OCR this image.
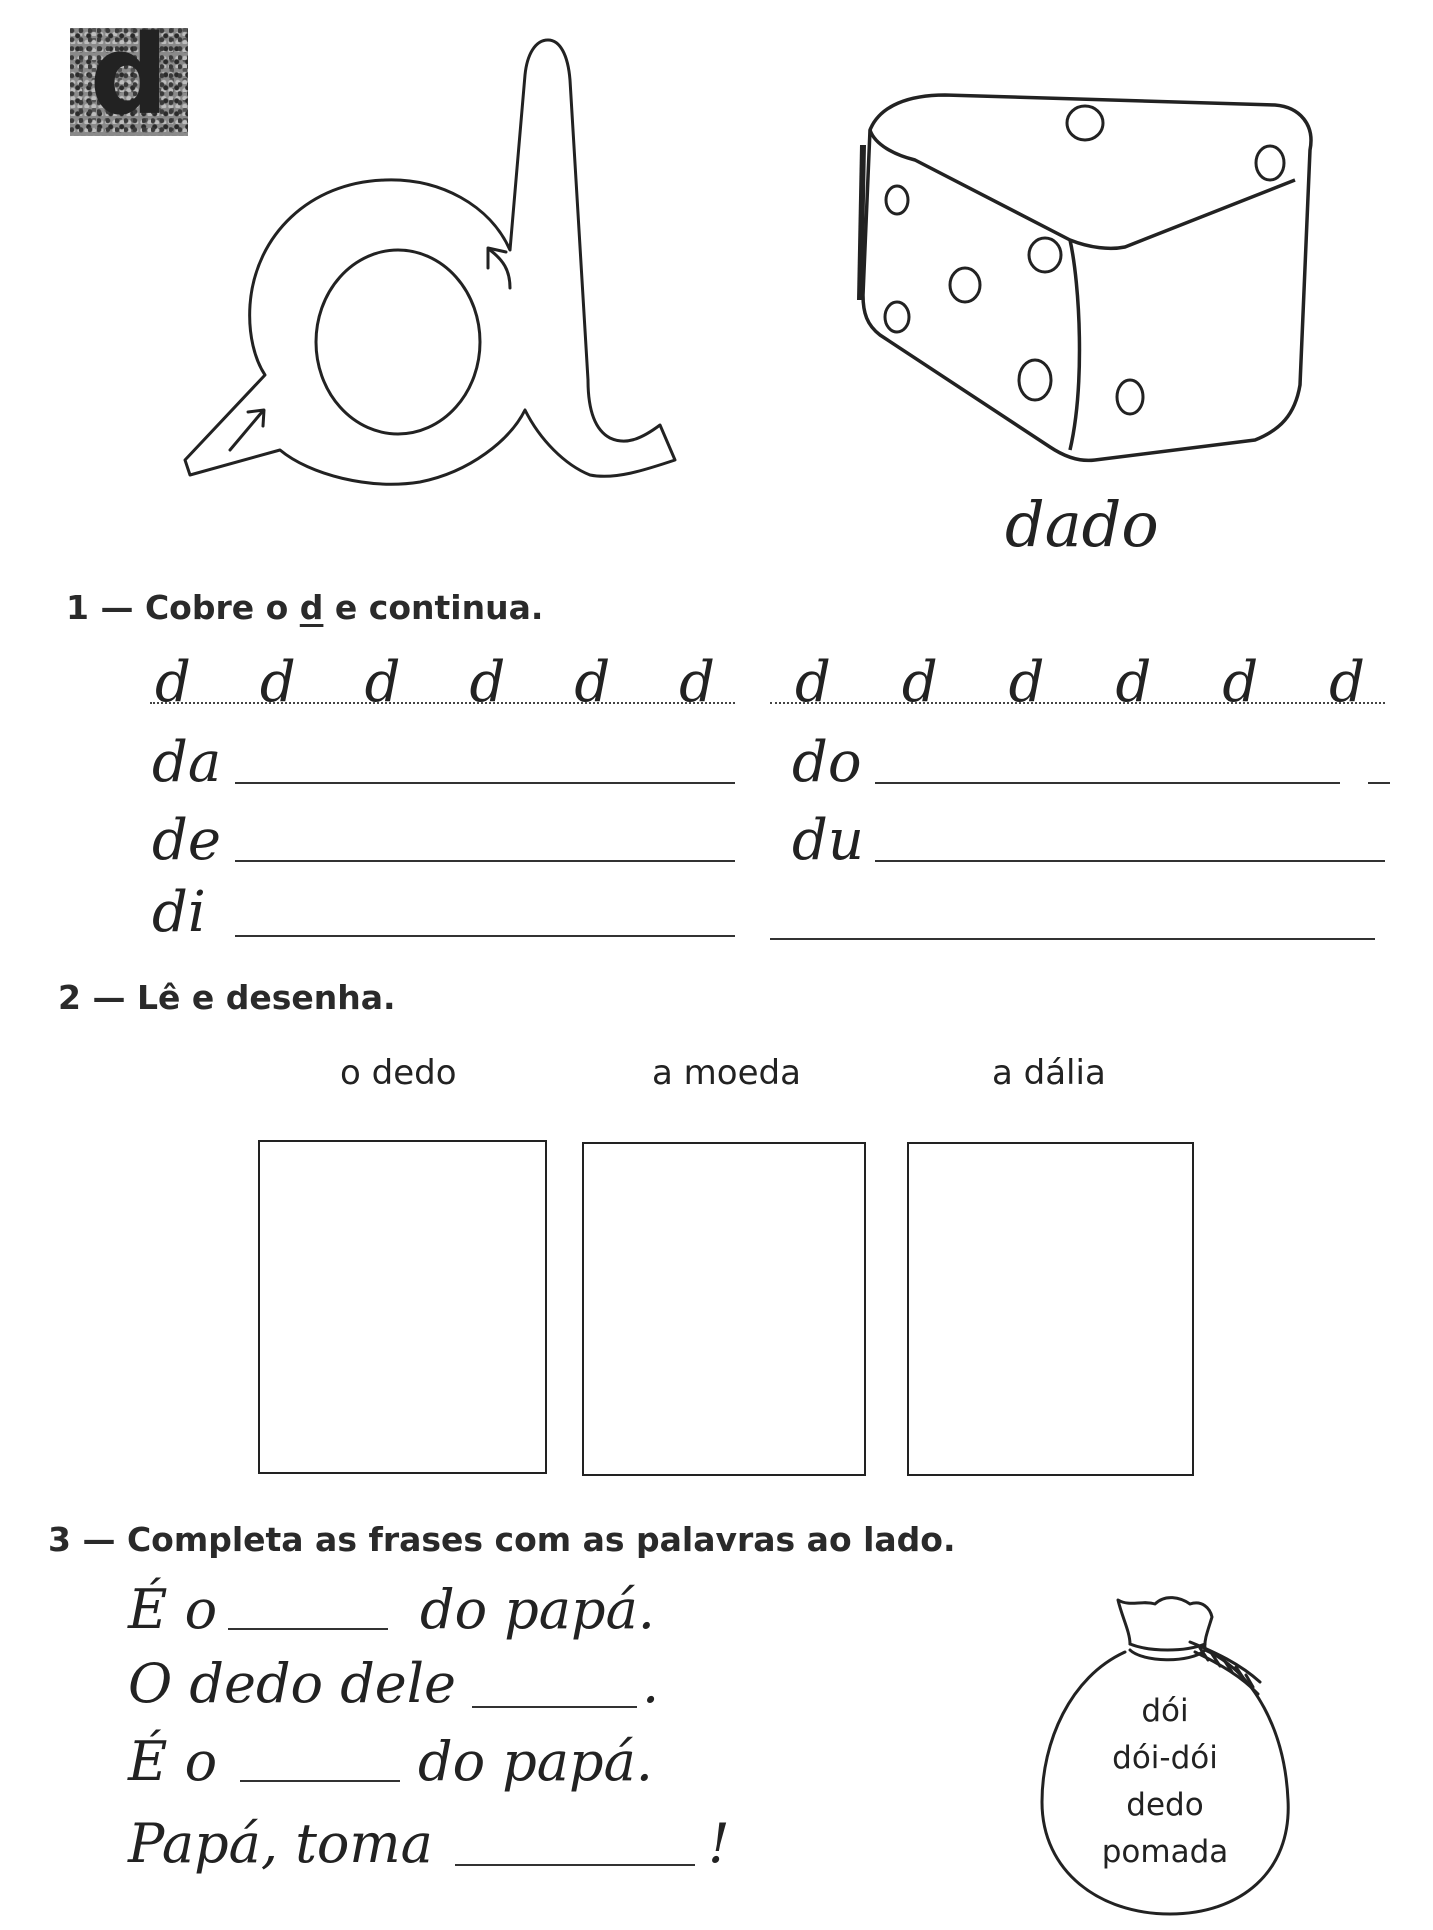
d
dado
1 — Cobre o d e continua.
d d d d d d d d d d d d
da	do
de	du
di
2 — Lê e desenha.
o dedo	a moeda	a dália
3 — Completa as frases com as palavras ao lado.
É o	do papá.
O dedo dele	.
É o	do papá.
Papá, toma	!
dói
dói-dói
dedo
pomada
